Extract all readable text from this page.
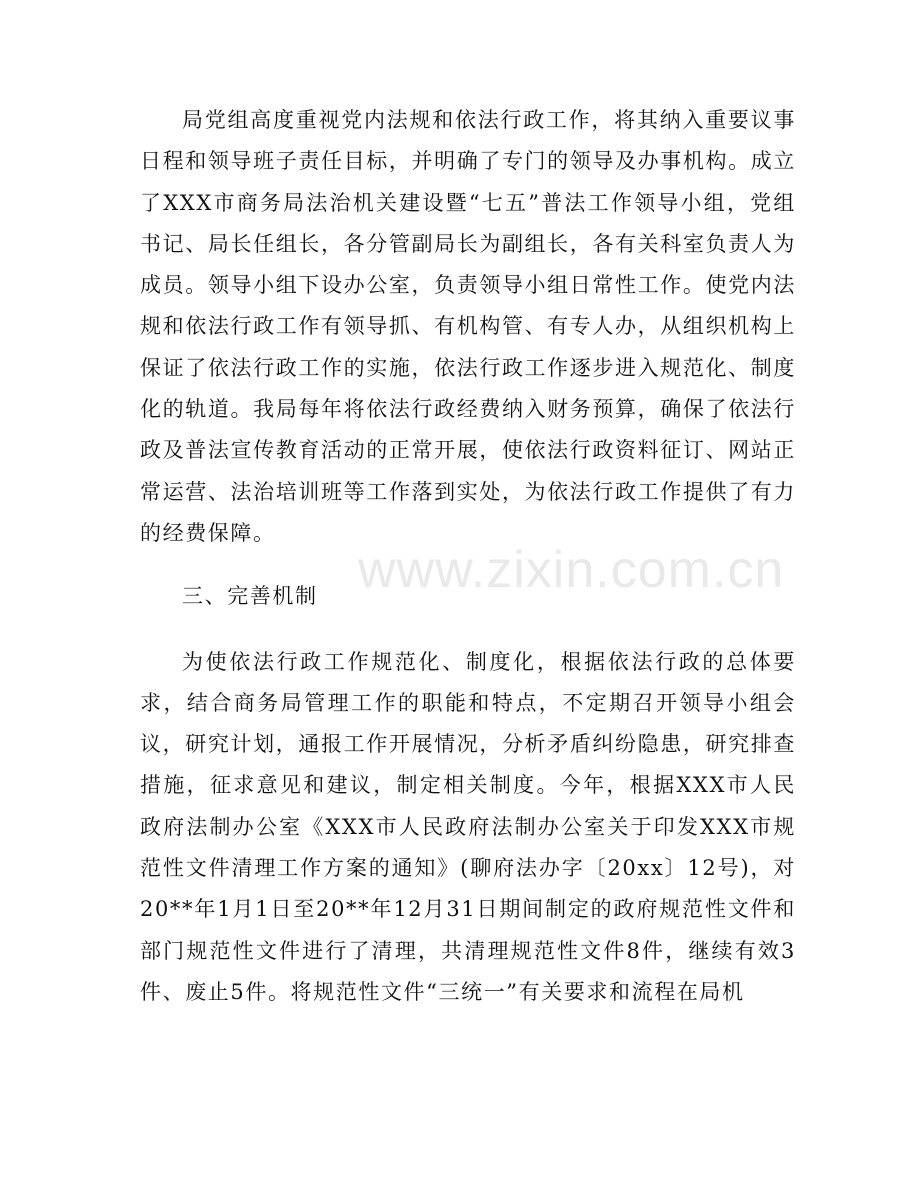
www.zixin.com.cn

局党组高度重视党内法规和依法行政工作，将其纳入重要议事日程和领导班子责任目标，并明确了专门的领导及办事机构。成立了XXX市商务局法治机关建设暨“七五”普法工作领导小组，党组书记、局长任组长，各分管副局长为副组长，各有关科室负责人为成员。领导小组下设办公室，负责领导小组日常性工作。使党内法规和依法行政工作有领导抓、有机构管、有专人办，从组织机构上保证了依法行政工作的实施，依法行政工作逐步进入规范化、制度化的轨道。我局每年将依法行政经费纳入财务预算，确保了依法行政及普法宣传教育活动的正常开展，使依法行政资料征订、网站正常运营、法治培训班等工作落到实处，为依法行政工作提供了有力的经费保障。

三、完善机制

为使依法行政工作规范化、制度化，根据依法行政的总体要求，结合商务局管理工作的职能和特点，不定期召开领导小组会议，研究计划，通报工作开展情况，分析矛盾纠纷隐患，研究排查措施，征求意见和建议，制定相关制度。今年，根据XXX市人民政府法制办公室《XXX市人民政府法制办公室关于印发XXX市规范性文件清理工作方案的通知》(聊府法办字〔20xx〕12号)，对20**年1月1日至20**年12月31日期间制定的政府规范性文件和部门规范性文件进行了清理，共清理规范性文件8件，继续有效3件、废止5件。将规范性文件“三统一”有关要求和流程在局机
